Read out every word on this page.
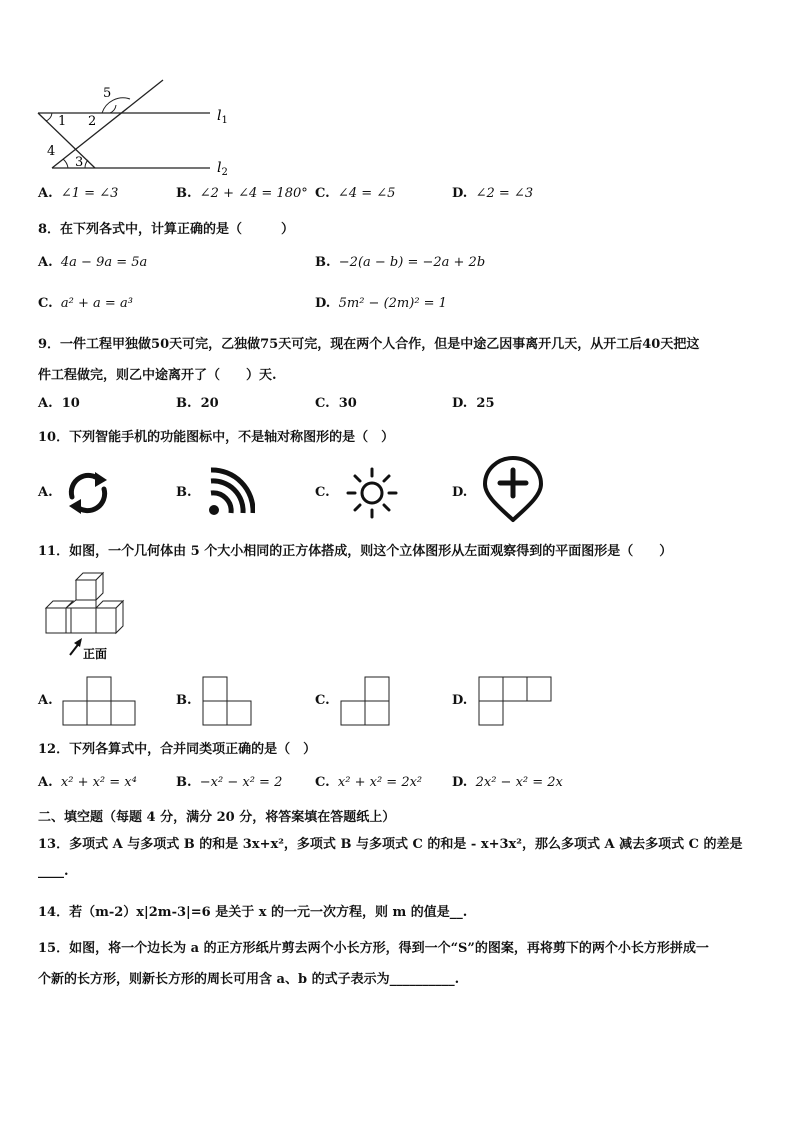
5
1 2
4
3
$l_1$
$l_2$
A. ∠1 = ∠3	B. ∠2 + ∠4 = 180° C. ∠4 = ∠5	D. ∠2 = ∠3
8．在下列各式中，计算正确的是（　　　）
A. 4a − 9a = 5a	B. −2(a − b) = −2a + 2b
C. a² + a = a³	D. 5m² − (2m)² = 1
9．一件工程甲独做50天可完，乙独做75天可完，现在两个人合作，但是中途乙因事离开几天，从开工后40天把这
件工程做完，则乙中途离开了（　　）天.
A. 10	B. 20	C. 30	D. 25
10．下列智能手机的功能图标中，不是轴对称图形的是（　）
A.	B.	C.	D.
11．如图，一个几何体由 5 个大小相同的正方体搭成，则这个立体图形从左面观察得到的平面图形是（　　）
正面
A.	B.	C.	D.
12．下列各算式中，合并同类项正确的是（　）
A. x² + x² = x⁴	B. −x² − x² = 2	C. x² + x² = 2x² D. 2x² − x² = 2x
二、填空题（每题 4 分，满分 20 分，将答案填在答题纸上）
13．多项式 A 与多项式 B 的和是 3x+x²，多项式 B 与多项式 C 的和是 - x+3x²，那么多项式 A 减去多项式 C 的差是
____.
14．若（m-2）x|2m-3|=6 是关于 x 的一元一次方程，则 m 的值是__.
15．如图，将一个边长为 a 的正方形纸片剪去两个小长方形，得到一个“S”的图案，再将剪下的两个小长方形拼成一
个新的长方形，则新长方形的周长可用含 a、b 的式子表示为__________.
